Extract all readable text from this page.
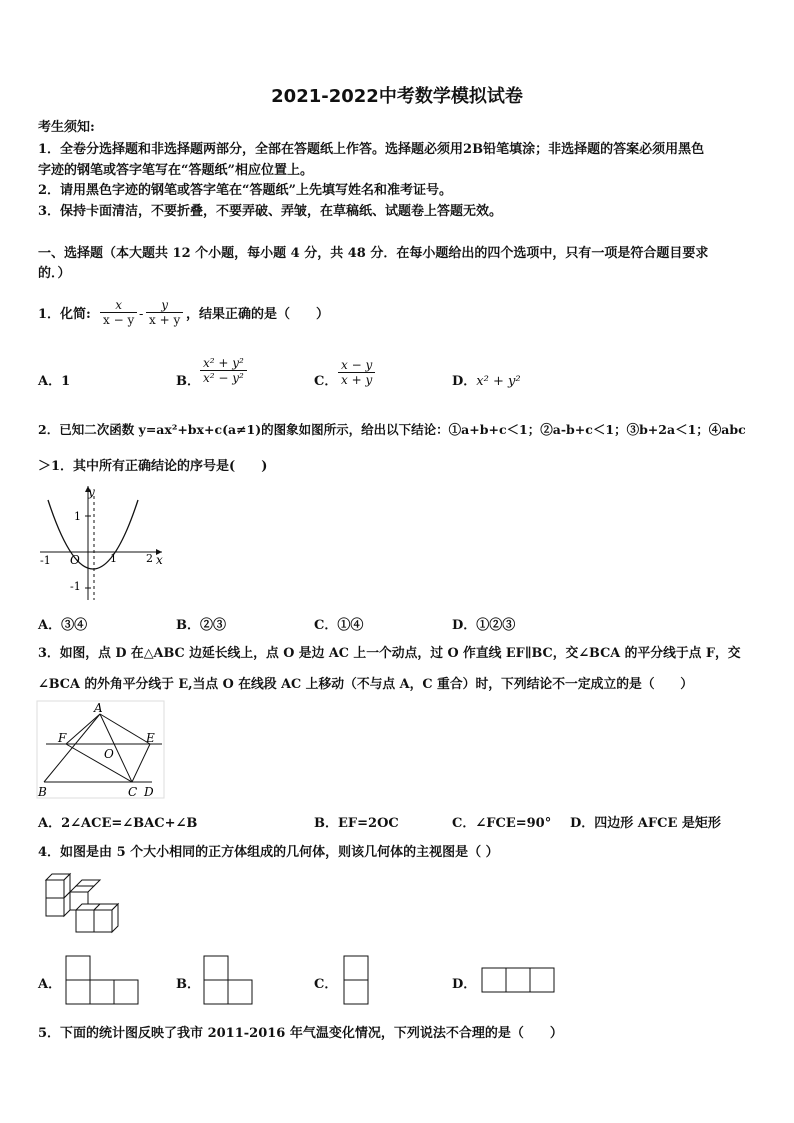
2021-2022中考数学模拟试卷
考生须知:
1．全卷分选择题和非选择题两部分，全部在答题纸上作答。选择题必须用2B铅笔填涂；非选择题的答案必须用黑色
字迹的钢笔或答字笔写在“答题纸”相应位置上。
2．请用黑色字迹的钢笔或答字笔在“答题纸”上先填写姓名和准考证号。
3．保持卡面清洁，不要折叠，不要弄破、弄皱，在草稿纸、试题卷上答题无效。
一、选择题（本大题共 12 个小题，每小题 4 分，共 48 分．在每小题给出的四个选项中，只有一项是符合题目要求
的．）
1．化简: $\frac{x}{x - y} - \frac{y}{x + y}$ ，结果正确的是（　　）
A．1	B． $\frac{\text{x² + y²}}{\text{x² − y²}}$	C． $\frac{x - y}{x + y}$	D．x² + y²
2．已知二次函数 y=ax²+bx+c(a≠1)的图象如图所示，给出以下结论：①a+b+c＜1；②a-b+c＜1；③b+2a＜1；④abc
＞1．其中所有正确结论的序号是(　　)
y
x
O
1
-1
-1	1	2
A．③④	B．②③	C．①④	D．①②③
3．如图，点 D 在△ABC 边延长线上，点 O 是边 AC 上一个动点，过 O 作直线 EF∥BC，交∠BCA 的平分线于点 F，交
∠BCA 的外角平分线于 E,当点 O 在线段 AC 上移动（不与点 A，C 重合）时，下列结论不一定成立的是（　　）
A
F
O
E
B	C D
A．2∠ACE=∠BAC+∠B	B．EF=2OC	C．∠FCE=90° D．四边形 AFCE 是矩形
4．如图是由 5 个大小相同的正方体组成的几何体，则该几何体的主视图是（ ）
A．	B．	C．	D．
5．下面的统计图反映了我市 2011-2016 年气温变化情况，下列说法不合理的是（　　）
